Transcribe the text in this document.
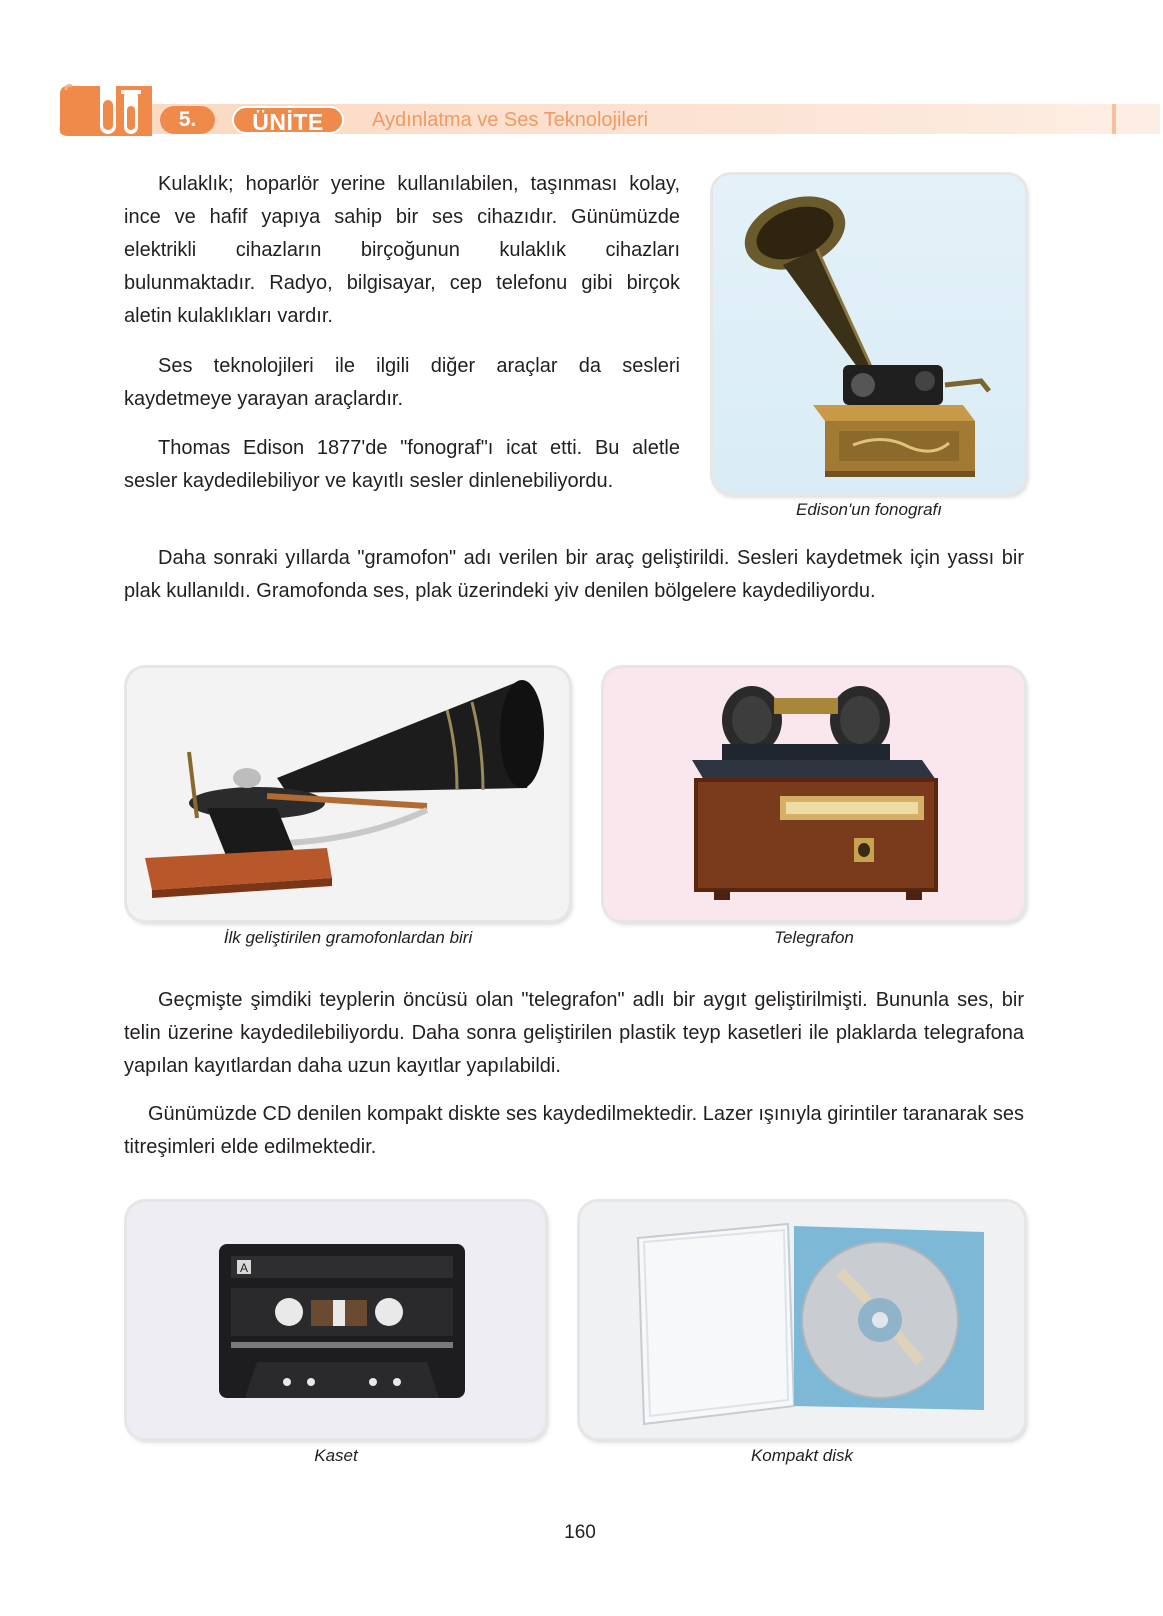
5.	ÜNİTE	Aydınlatma ve Ses Teknolojileri

Kulaklık; hoparlör yerine kullanılabilen, taşınması kolay, ince ve hafif yapıya sahip bir ses cihazıdır. Günümüzde elektrikli cihazların birçoğunun kulaklık cihazları bulunmaktadır. Radyo, bilgisayar, cep telefonu gibi birçok aletin kulaklıkları vardır.

Ses teknolojileri ile ilgili diğer araçlar da sesleri kaydetmeye yarayan araçlardır.

Thomas Edison 1877'de "fonograf"ı icat etti. Bu aletle sesler kaydedilebiliyor ve kayıtlı sesler dinlenebiliyordu.

Edison'un fonografı

Daha sonraki yıllarda "gramofon" adı verilen bir araç geliştirildi. Sesleri kaydetmek için yassı bir plak kullanıldı. Gramofonda ses, plak üzerindeki yiv denilen bölgelere kaydediliyordu.

İlk geliştirilen gramofonlardan biri	Telegrafon

Geçmişte şimdiki teyplerin öncüsü olan "telegrafon" adlı bir aygıt geliştirilmişti. Bununla ses, bir telin üzerine kaydedilebiliyordu. Daha sonra geliştirilen plastik teyp kasetleri ile plaklarda telegrafona yapılan kayıtlardan daha uzun kayıtlar yapılabildi.

Günümüzde CD denilen kompakt diskte ses kaydedilmektedir. Lazer ışınıyla girintiler taranarak ses titreşimleri elde edilmektedir.

A
Kaset	Kompakt disk
160
